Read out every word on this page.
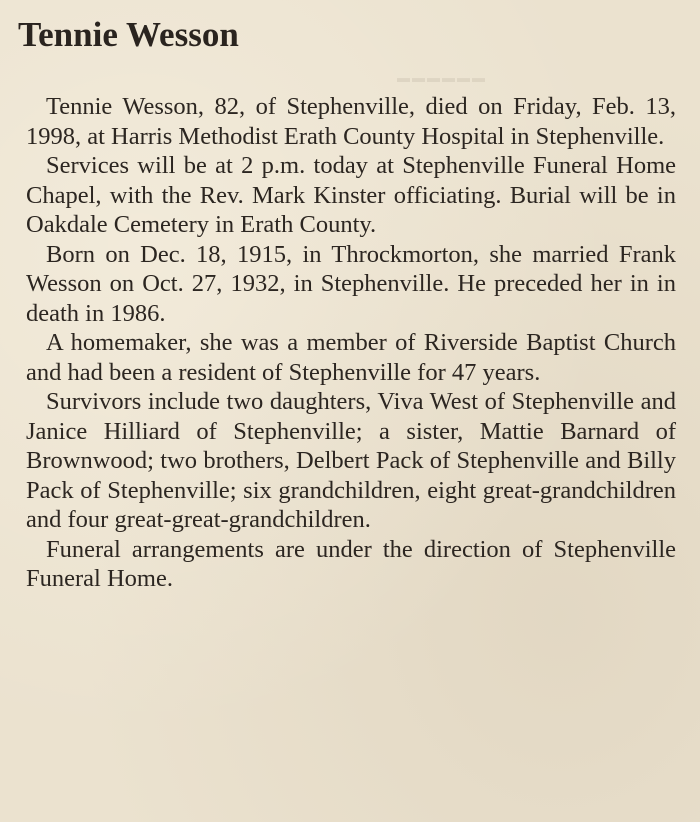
▬▬▬▬▬▬
Tennie Wesson

Tennie Wesson, 82, of Stephenville, died on Friday, Feb. 13, 1998, at Harris Methodist Erath County Hospital in Stephenville.

Services will be at 2 p.m. today at Stephenville Funeral Home Chapel, with the Rev. Mark Kinster officiating. Burial will be in Oakdale Cemetery in Erath County.

Born on Dec. 18, 1915, in Throckmorton, she married Frank Wesson on Oct. 27, 1932, in Stephenville. He preceded her in in death in 1986.

A homemaker, she was a member of Riverside Baptist Church and had been a resident of Stephenville for 47 years.

Survivors include two daughters, Viva West of Stephenville and Janice Hilliard of Stephenville; a sister, Mattie Barnard of Brownwood; two brothers, Delbert Pack of Stephenville and Billy Pack of Stephenville; six grandchildren, eight great-grandchildren and four great-great-grandchildren.

Funeral arrangements are under the direction of Stephenville Funeral Home.
